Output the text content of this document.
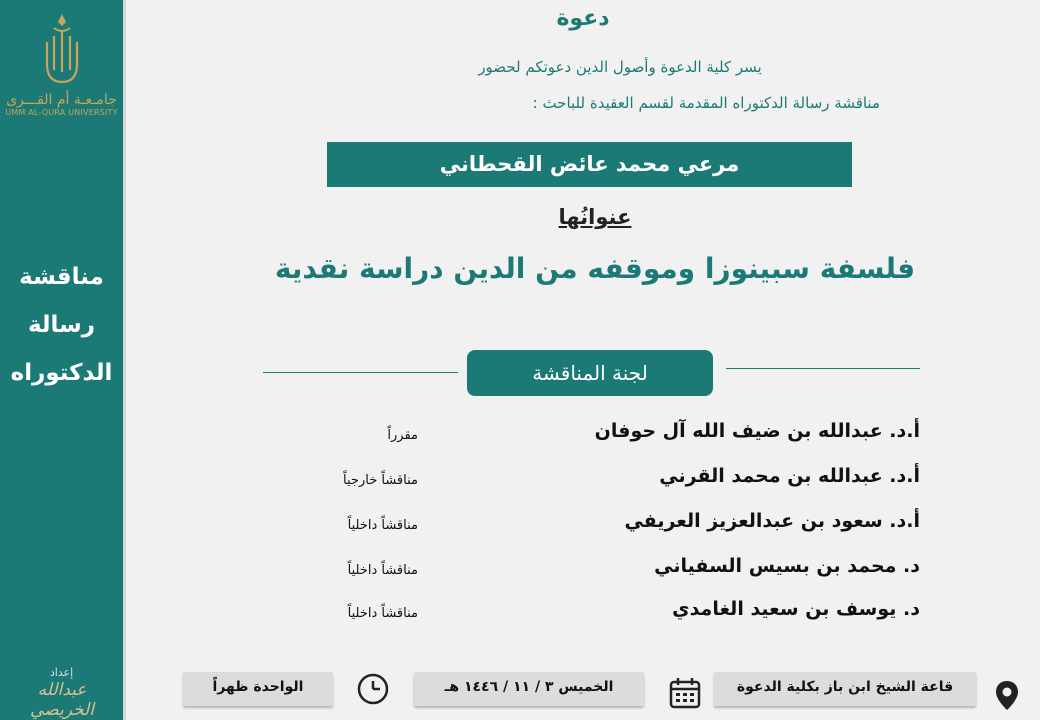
جامـعـة أم القـــرى
UMM AL-QURA UNIVERSITY
مناقشة
رسالة
الدكتوراه
إعداد
عبدالله الخريصي
دعوة
يسر كلية الدعوة وأصول الدين دعوتكم لحضور
مناقشة رسالة الدكتوراه المقدمة لقسم العقيدة للباحث :
مرعي محمد عائض القحطاني
عنوانُها
فلسفة سبينوزا وموقفه من الدين دراسة نقدية
لجنة المناقشة
أ.د. عبدالله بن ضيف الله آل حوفان
مقرراً
أ.د. عبدالله بن محمد القرني
مناقشاً خارجياً
أ.د. سعود بن عبدالعزيز العريفي
مناقشاً داخلياً
د. محمد بن بسيس السفياني
مناقشاً داخلياً
د. يوسف بن سعيد الغامدي
مناقشاً داخلياً
قاعة الشيخ ابن باز بكلية الدعوة
الخميس ٣ / ١١ / ١٤٤٦ هـ
الواحدة ظهراً
